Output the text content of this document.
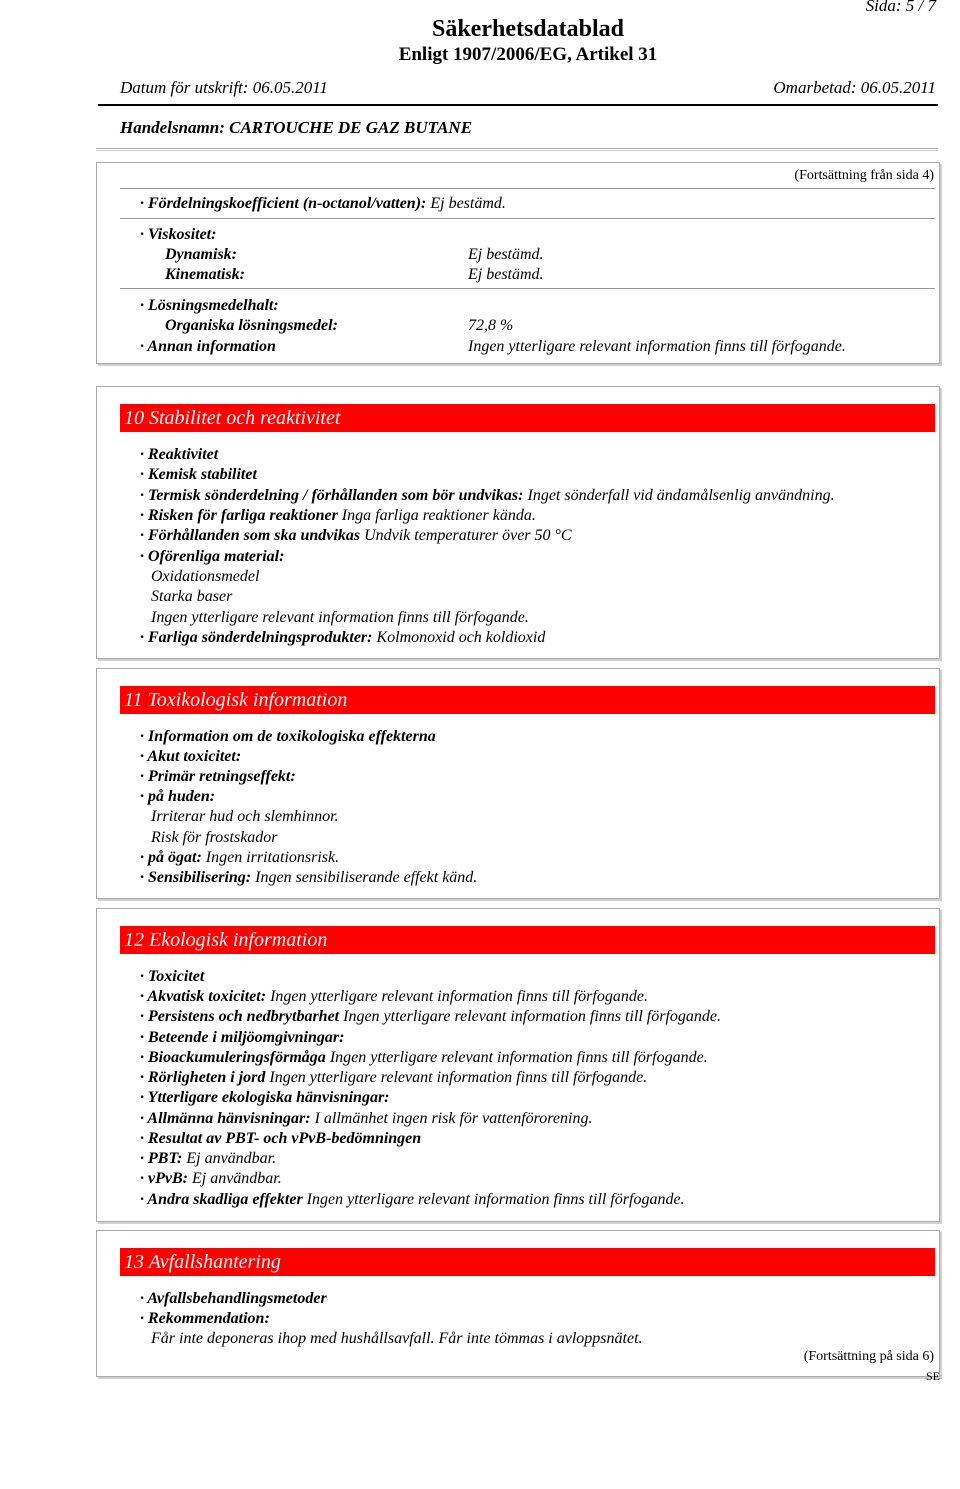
Sida: 5 / 7
Säkerhetsdatablad
Enligt 1907/2006/EG, Artikel 31
Datum för utskrift: 06.05.2011	Omarbetad: 06.05.2011
Handelsnamn: CARTOUCHE DE GAZ BUTANE
(Fortsättning från sida 4)
· Fördelningskoefficient (n-octanol/vatten): Ej bestämd.
· Viskositet:
Dynamisk:	Ej bestämd.
Kinematisk:	Ej bestämd.
· Lösningsmedelhalt:
Organiska lösningsmedel:	72,8 %
· Annan information	Ingen ytterligare relevant information finns till förfogande.
10 Stabilitet och reaktivitet
· Reaktivitet
· Kemisk stabilitet
· Termisk sönderdelning / förhållanden som bör undvikas: Inget sönderfall vid ändamålsenlig användning.
· Risken för farliga reaktioner Inga farliga reaktioner kända.
· Förhållanden som ska undvikas Undvik temperaturer över 50 °C
· Oförenliga material:
Oxidationsmedel
Starka baser
Ingen ytterligare relevant information finns till förfogande.
· Farliga sönderdelningsprodukter: Kolmonoxid och koldioxid
11 Toxikologisk information
· Information om de toxikologiska effekterna
· Akut toxicitet:
· Primär retningseffekt:
· på huden:
Irriterar hud och slemhinnor.
Risk för frostskador
· på ögat: Ingen irritationsrisk.
· Sensibilisering: Ingen sensibiliserande effekt känd.
12 Ekologisk information
· Toxicitet
· Akvatisk toxicitet: Ingen ytterligare relevant information finns till förfogande.
· Persistens och nedbrytbarhet Ingen ytterligare relevant information finns till förfogande.
· Beteende i miljöomgivningar:
· Bioackumuleringsförmåga Ingen ytterligare relevant information finns till förfogande.
· Rörligheten i jord Ingen ytterligare relevant information finns till förfogande.
· Ytterligare ekologiska hänvisningar:
· Allmänna hänvisningar: I allmänhet ingen risk för vattenförorening.
· Resultat av PBT- och vPvB-bedömningen
· PBT: Ej användbar.
· vPvB: Ej användbar.
· Andra skadliga effekter Ingen ytterligare relevant information finns till förfogande.
13 Avfallshantering
· Avfallsbehandlingsmetoder
· Rekommendation:
Får inte deponeras ihop med hushållsavfall. Får inte tömmas i avloppsnätet.
(Fortsättning på sida 6)
SE
